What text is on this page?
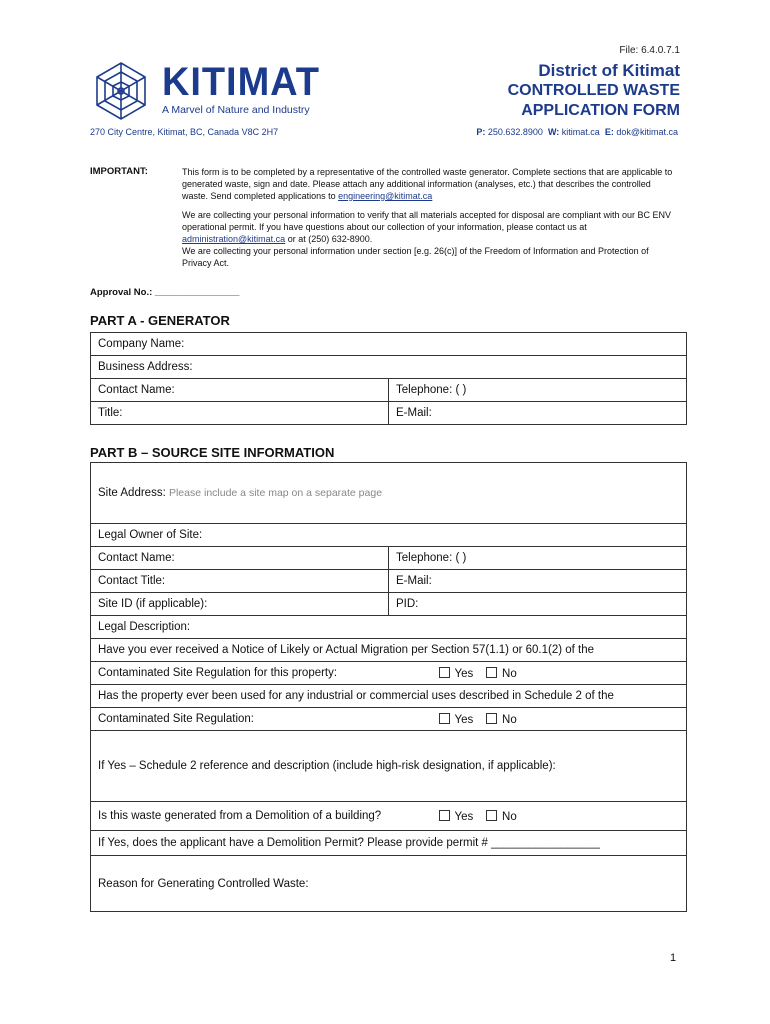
File: 6.4.0.7.1
KITIMAT
A Marvel of Nature and Industry
District of Kitimat
CONTROLLED WASTE
APPLICATION FORM
270 City Centre, Kitimat, BC, Canada V8C 2H7	P: 250.632.8900 W: kitimat.ca E: dok@kitimat.ca
IMPORTANT:	This form is to be completed by a representative of the controlled waste generator. Complete sections that are applicable to generated waste, sign and date. Please attach any additional information (analyses, etc.) that describes the controlled waste. Send completed applications to engineering@kitimat.ca

We are collecting your personal information to verify that all materials accepted for disposal are compliant with our BC ENV operational permit. If you have questions about our collection of your information, please contact us at administration@kitimat.ca or at (250) 632-8900.

We are collecting your personal information under section [e.g. 26(c)] of the Freedom of Information and Protection of Privacy Act.

Approval No.: ________________
PART A - GENERATOR
Company Name:	
Business Address:	
Contact Name:	Telephone: ( )
Title:	E-Mail:
PART B – SOURCE SITE INFORMATION
Site Address: Please include a site map on a separate page	
Legal Owner of Site:	
Contact Name:	Telephone: ( )
Contact Title:	E-Mail:
Site ID (if applicable):	PID:
Legal Description:	
Have you ever received a Notice of Likely or Actual Migration per Section 57(1.1) or 60.1(2) of the	
Contaminated Site Regulation for this property:	Yes No
Has the property ever been used for any industrial or commercial uses described in Schedule 2 of the	
Contaminated Site Regulation:	Yes No
If Yes – Schedule 2 reference and description (include high-risk designation, if applicable):	
Is this waste generated from a Demolition of a building?	Yes No
If Yes, does the applicant have a Demolition Permit? Please provide permit # _________________	
Reason for Generating Controlled Waste:	
1
